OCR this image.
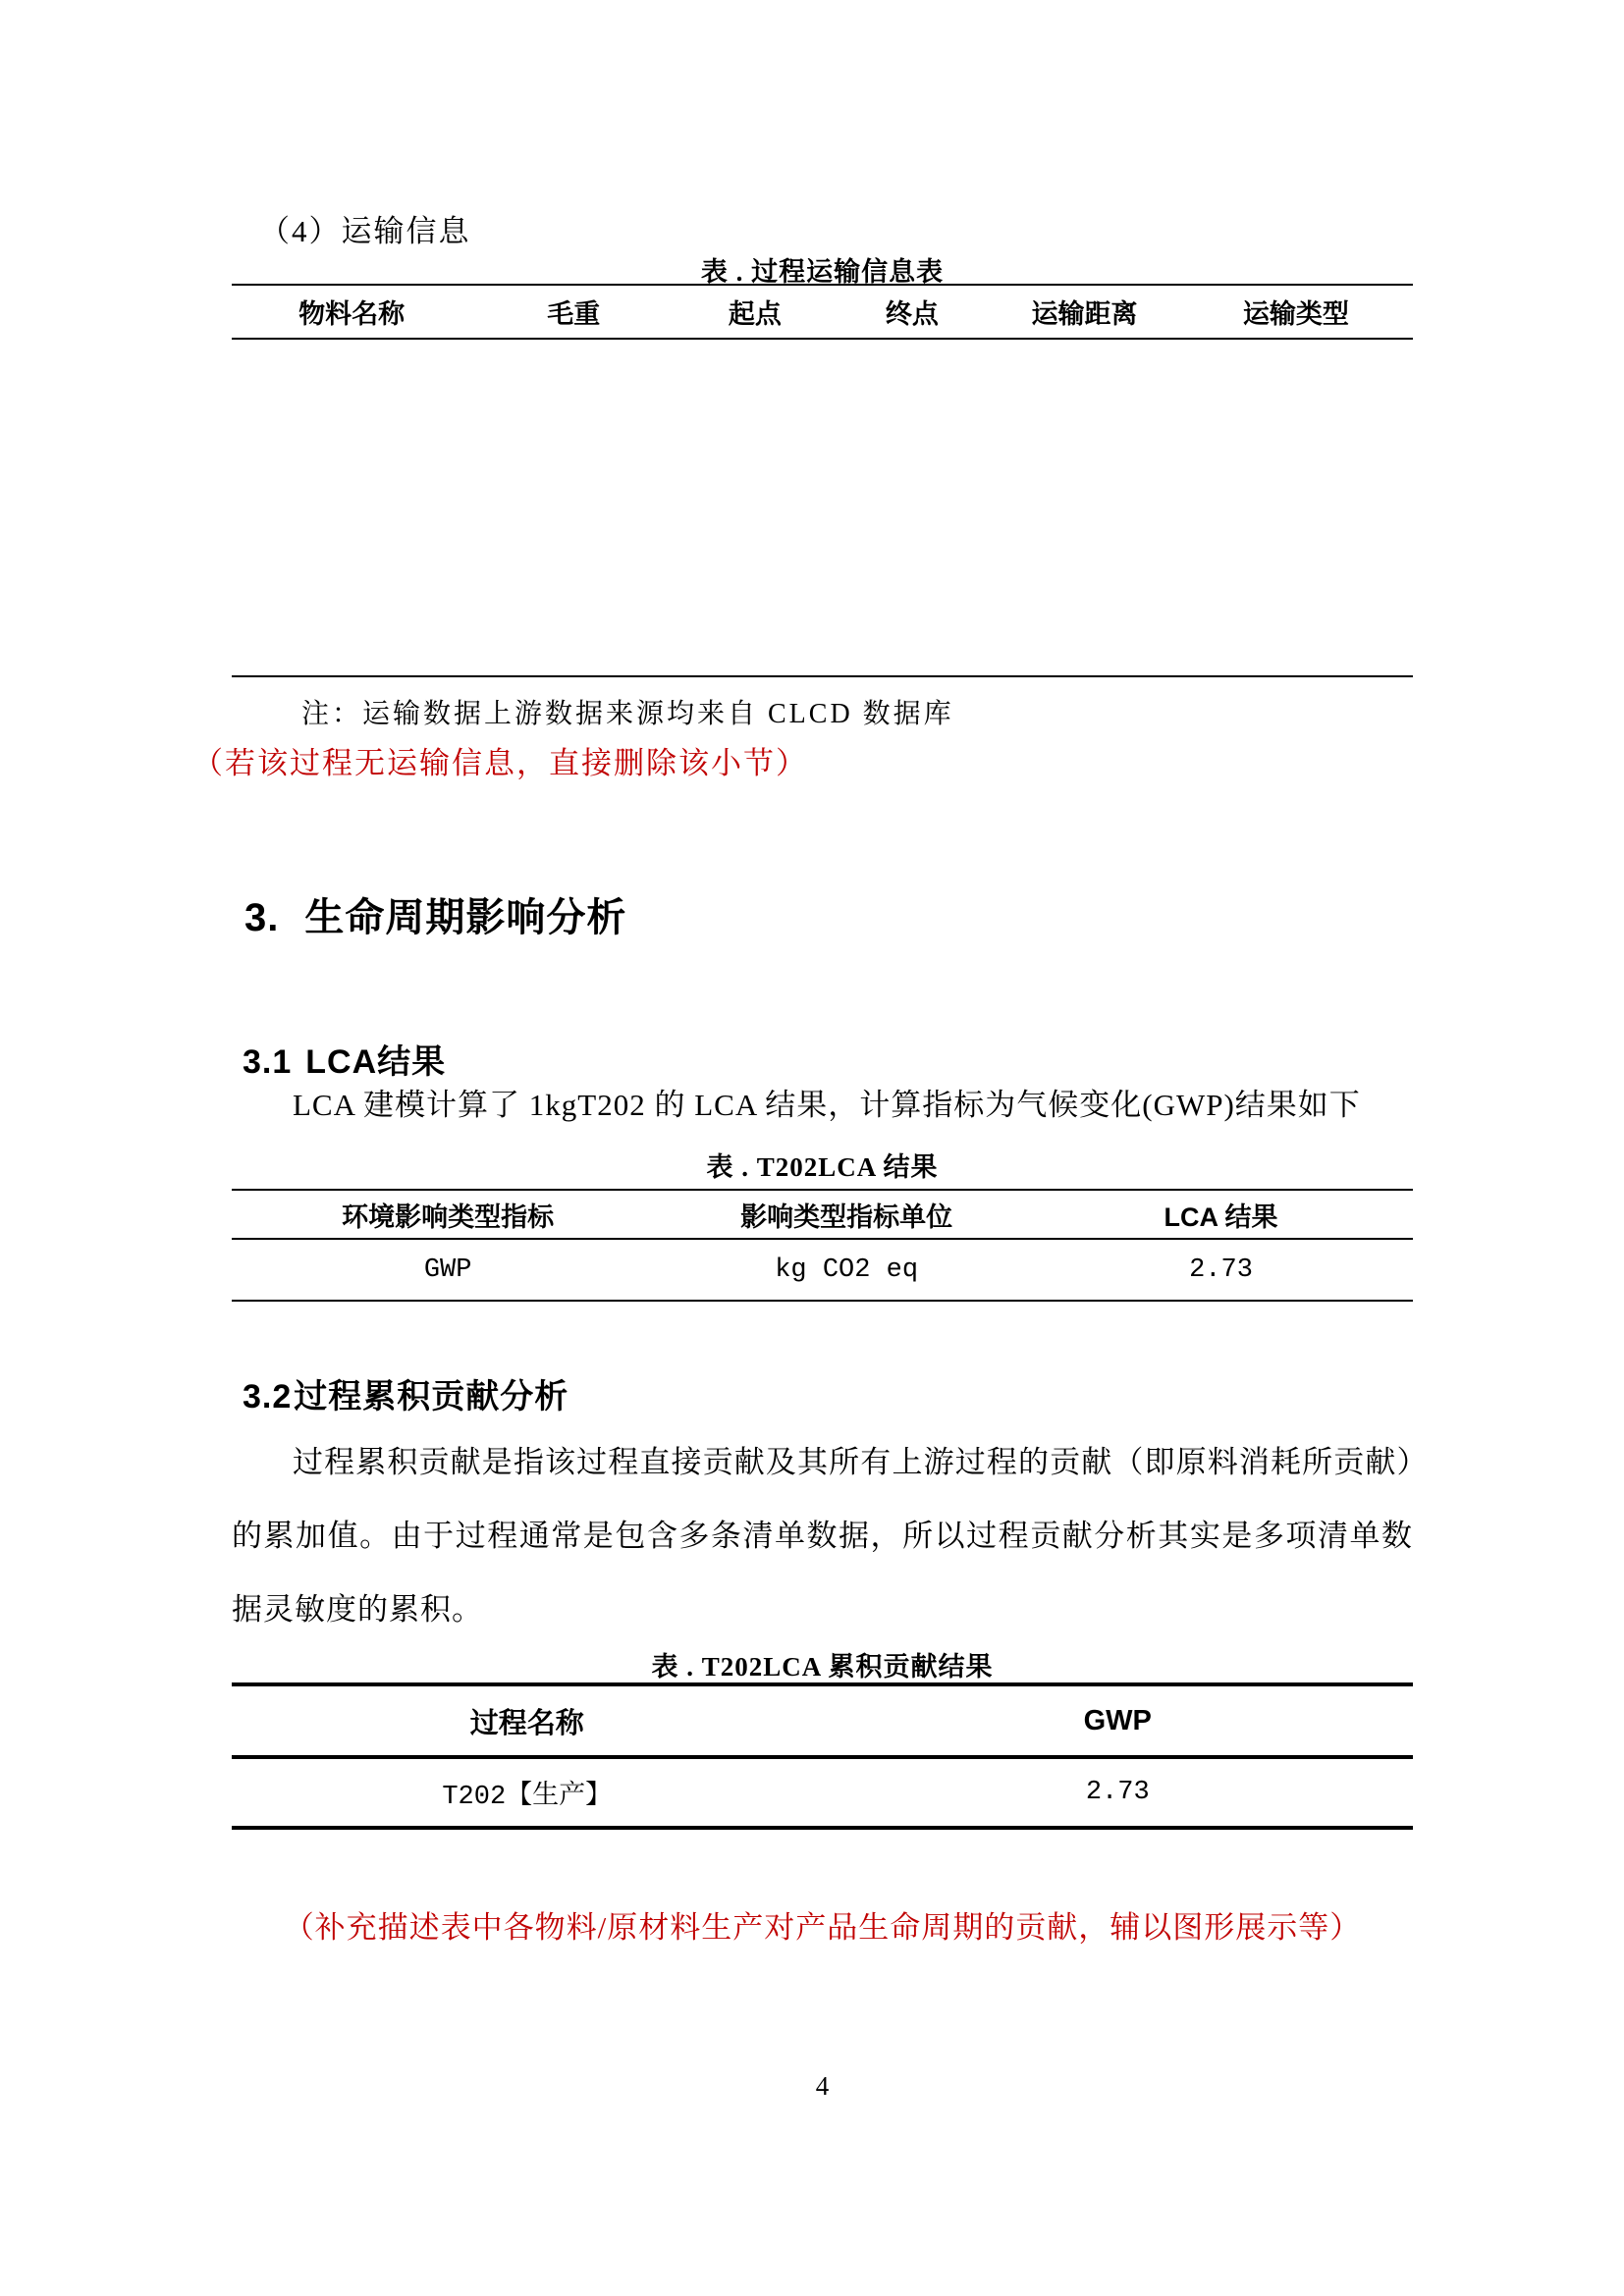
（4）运输信息
表 . 过程运输信息表
物料名称	毛重	起点	终点	运输距离	运输类型

注：运输数据上游数据来源均来自 CLCD 数据库
（若该过程无运输信息，直接删除该小节）
3. 生命周期影响分析
3.1 LCA结果
LCA 建模计算了 1kgT202 的 LCA 结果，计算指标为气候变化(GWP)结果如下
表 . T202LCA 结果
环境影响类型指标	影响类型指标单位	LCA 结果
GWP	kg CO2 eq	2.73
3.2过程累积贡献分析
过程累积贡献是指该过程直接贡献及其所有上游过程的贡献（即原料消耗所贡献）的累加值。由于过程通常是包含多条清单数据，所以过程贡献分析其实是多项清单数据灵敏度的累积。
表 . T202LCA 累积贡献结果
过程名称	GWP
T202【生产】	2.73
（补充描述表中各物料/原材料生产对产品生命周期的贡献，辅以图形展示等）
4
